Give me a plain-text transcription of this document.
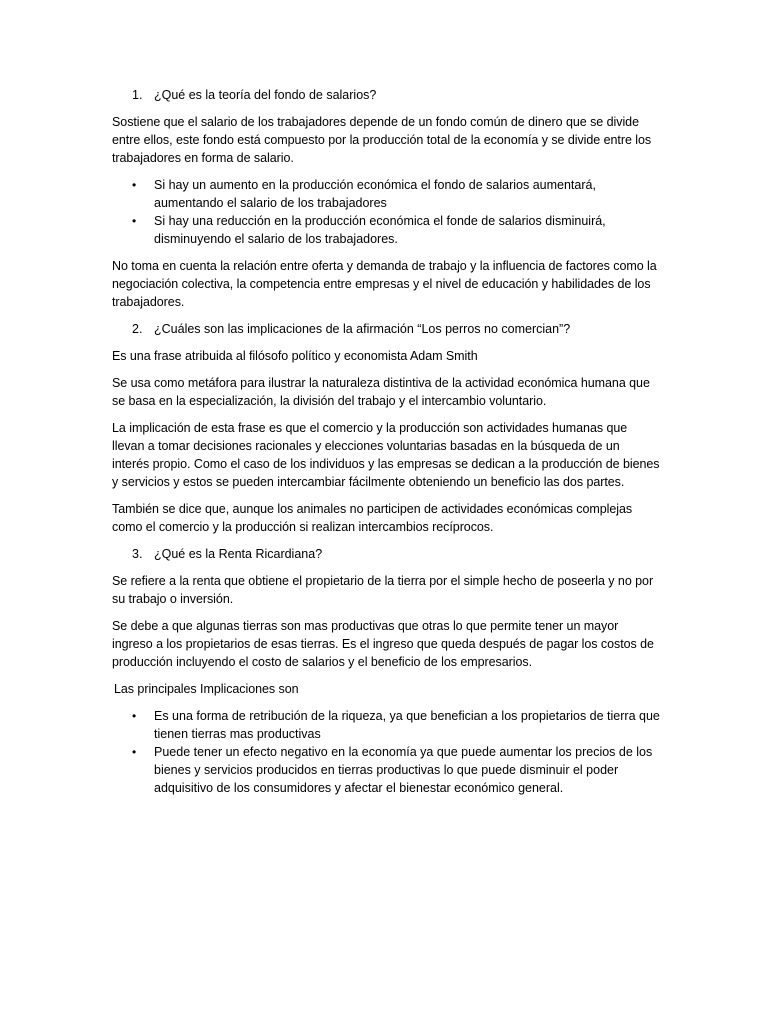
1. ¿Qué es la teoría del fondo de salarios?

Sostiene que el salario de los trabajadores depende de un fondo común de dinero que se divide entre ellos, este fondo está compuesto por la producción total de la economía y se divide entre los trabajadores en forma de salario.

•	Si hay un aumento en la producción económica el fondo de salarios aumentará, aumentando el salario de los trabajadores
•	Si hay una reducción en la producción económica el fonde de salarios disminuirá, disminuyendo el salario de los trabajadores.

No toma en cuenta la relación entre oferta y demanda de trabajo y la influencia de factores como la negociación colectiva, la competencia entre empresas y el nivel de educación y habilidades de los trabajadores.

2. ¿Cuáles son las implicaciones de la afirmación “Los perros no comercian”?

Es una frase atribuida al filósofo político y economista Adam Smith

Se usa como metáfora para ilustrar la naturaleza distintiva de la actividad económica humana que se basa en la especialización, la división del trabajo y el intercambio voluntario.

La implicación de esta frase es que el comercio y la producción son actividades humanas que llevan a tomar decisiones racionales y elecciones voluntarias basadas en la búsqueda de un interés propio. Como el caso de los individuos y las empresas se dedican a la producción de bienes y servicios y estos se pueden intercambiar fácilmente obteniendo un beneficio las dos partes.

También se dice que, aunque los animales no participen de actividades económicas complejas como el comercio y la producción si realizan intercambios recíprocos.

3. ¿Qué es la Renta Ricardiana?

Se refiere a la renta que obtiene el propietario de la tierra por el simple hecho de poseerla y no por su trabajo o inversión.

Se debe a que algunas tierras son mas productivas que otras lo que permite tener un mayor ingreso a los propietarios de esas tierras. Es el ingreso que queda después de pagar los costos de producción incluyendo el costo de salarios y el beneficio de los empresarios.

Las principales Implicaciones son

•	Es una forma de retribución de la riqueza, ya que benefician a los propietarios de tierra que tienen tierras mas productivas
•	Puede tener un efecto negativo en la economía ya que puede aumentar los precios de los bienes y servicios producidos en tierras productivas lo que puede disminuir el poder adquisitivo de los consumidores y afectar el bienestar económico general.
